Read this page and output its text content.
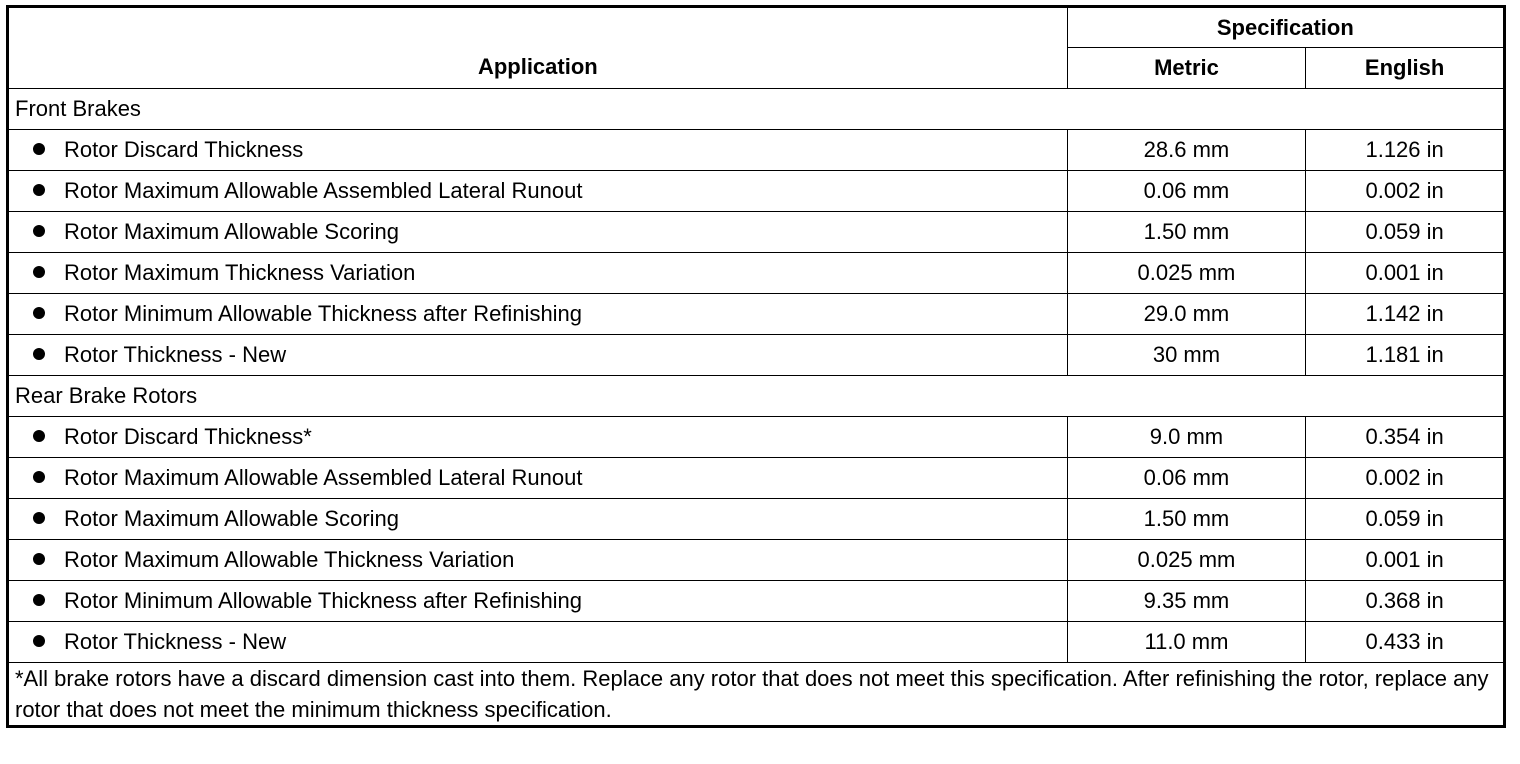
Application	Specification	
	Metric	English
Front Brakes		
Rotor Discard Thickness	28.6 mm	1.126 in
Rotor Maximum Allowable Assembled Lateral Runout	0.06 mm	0.002 in
Rotor Maximum Allowable Scoring	1.50 mm	0.059 in
Rotor Maximum Thickness Variation	0.025 mm	0.001 in
Rotor Minimum Allowable Thickness after Refinishing	29.0 mm	1.142 in
Rotor Thickness - New	30 mm	1.181 in
Rear Brake Rotors		
Rotor Discard Thickness*	9.0 mm	0.354 in
Rotor Maximum Allowable Assembled Lateral Runout	0.06 mm	0.002 in
Rotor Maximum Allowable Scoring	1.50 mm	0.059 in
Rotor Maximum Allowable Thickness Variation	0.025 mm	0.001 in
Rotor Minimum Allowable Thickness after Refinishing	9.35 mm	0.368 in
Rotor Thickness - New	11.0 mm	0.433 in
*All brake rotors have a discard dimension cast into them. Replace any rotor that does not meet this specification. After refinishing the rotor, replace any rotor that does not meet the minimum thickness specification.		
